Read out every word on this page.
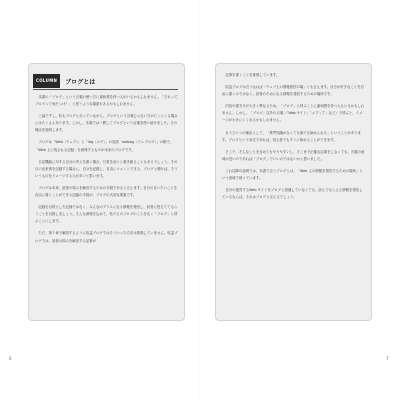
COLUMN	ブログとは

本書の「ブログ」という言葉の使い方に違和感を持つ人がいるかもしれません。「それってブログって何だっけ？」と思うような場面もあるかもしれません。

三森ですし、私もブログと言っていながら、ブログという言葉じゃない方がピンとくる場合にはたくさんあります。しかし、本書では一貫してブログという言葉を使い続けました。その理由を説明します。

ブログは「Web（ウェブ）」と「log（ログ）」の造語「weblog（ウェブログ）」の略で、「Web 上に残される記録」を意味するものが本来のブログです。

日記機能に対する自分の考えを書く場合、日常を淡々と書き綴ることもあるでしょう。その日の出来事を記録する場合に、自分を記録し、自由にコメントできる、ブログと聞けば、そういうものをイメージする人が多いと思います。

ブログは本来、読者の悩みを解決するための手段であると言えます。自分の言いたいことを自由に書くことができる記録の手段が、ブログの大切な要素です。

記録を目的とした記録ではなく、みんなのプラスになる情報を発信し、読者に役立ててもらうことを目指しましょう。そんな意味を込めて、私たちのブログのことを広く「ブログ」と呼ぶことにします。

ただ、第１章で解説するように収益ブログではそういった方法は推奨していません。収益ブログでは、読者の悩みを解決する記事が

6

記事を書くことを推奨しています。

収益ブログは言うなれば「ウェブ上の情報発信の場」とも言えます。自分が好きなことを自由に書くのではなく、読者のためになる情報を発信するための場所です。

内容や書き方が大きく異なるため、「ブログ」と呼ぶことに違和感を持つ人もいるかもしれません。しかし、「ブログ」以外の言葉（「Web サイト」「メディア」など）で呼ぶと、イメージがわきにくくなるかもしれません。

もうひとつの理由として、「専門知識がなくても誰でも始められる」ということがあります。ブログという形式であれば、初心者でもすぐに始めることができます。

そこで、そんなことを含めてもやりやすいし、そこまで正確な定義をしなくても、言葉の意味が近いのであれば「ブログ」でいいのではないかと思いました。

これ以降の説明では、本書で言うブログとは、「Web 上の情報を発信するための場所」という意味で使っています。

自分の運営するWeb サイトをブログと認識していなくても、読んでもらえる情報を発信しているならば、それはブログと言えるでしょう。

7
